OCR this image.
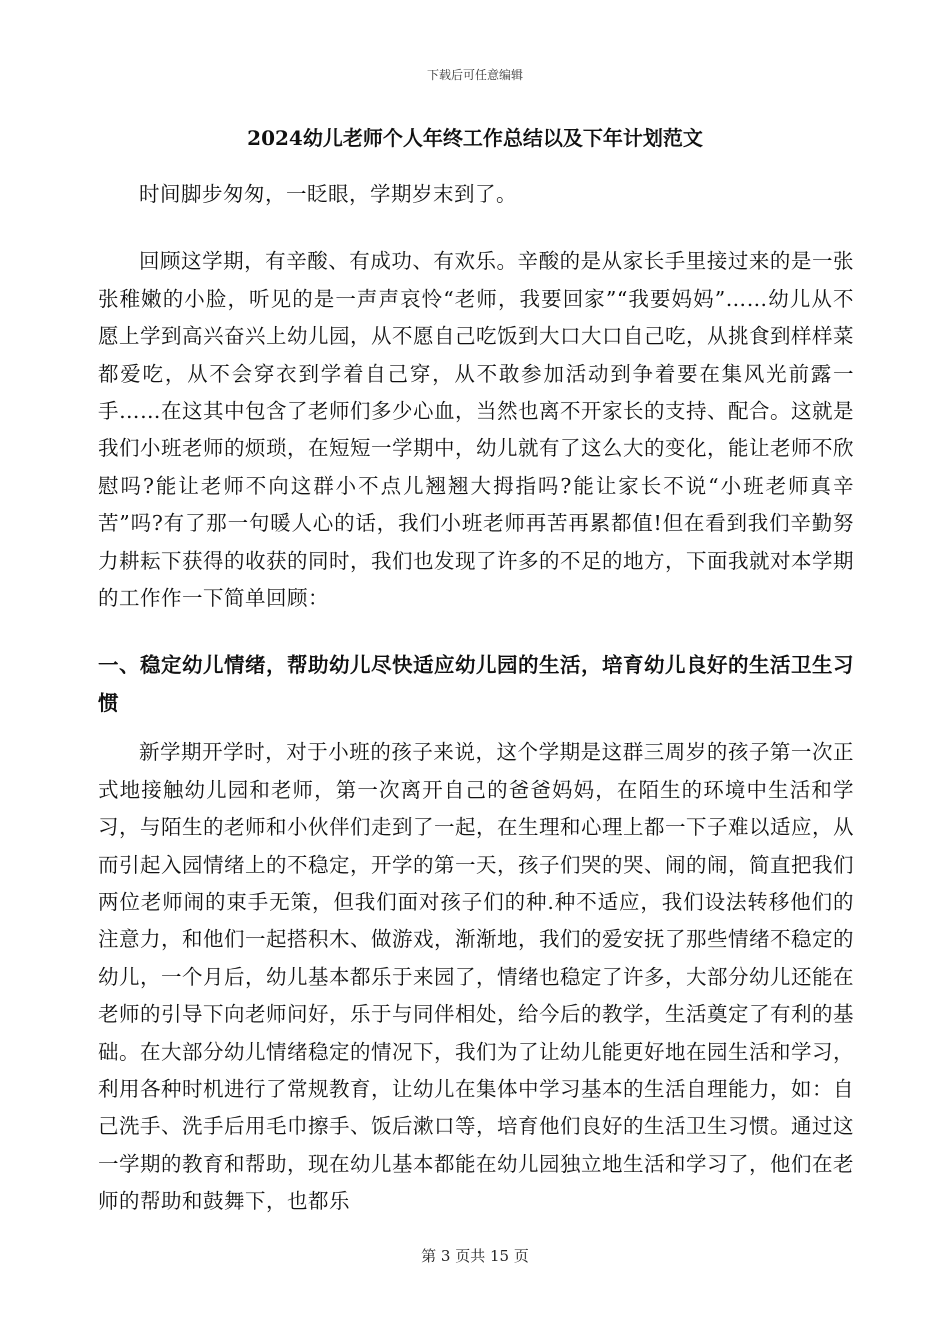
下载后可任意编辑
2024幼儿老师个人年终工作总结以及下年计划范文

时间脚步匆匆，一眨眼，学期岁末到了。

回顾这学期，有辛酸、有成功、有欢乐。辛酸的是从家长手里接过来的是一张张稚嫩的小脸，听见的是一声声哀怜“老师，我要回家”“我要妈妈”……幼儿从不愿上学到高兴奋兴上幼儿园，从不愿自己吃饭到大口大口自己吃，从挑食到样样菜都爱吃，从不会穿衣到学着自己穿，从不敢参加活动到争着要在集风光前露一手……在这其中包含了老师们多少心血，当然也离不开家长的支持、配合。这就是我们小班老师的烦琐，在短短一学期中，幼儿就有了这么大的变化，能让老师不欣慰吗?能让老师不向这群小不点儿翘翘大拇指吗?能让家长不说“小班老师真辛苦”吗?有了那一句暖人心的话，我们小班老师再苦再累都值!但在看到我们辛勤努力耕耘下获得的收获的同时，我们也发现了许多的不足的地方，下面我就对本学期的工作作一下简单回顾：

一、稳定幼儿情绪，帮助幼儿尽快适应幼儿园的生活，培育幼儿良好的生活卫生习惯

新学期开学时，对于小班的孩子来说，这个学期是这群三周岁的孩子第一次正式地接触幼儿园和老师，第一次离开自己的爸爸妈妈，在陌生的环境中生活和学习，与陌生的老师和小伙伴们走到了一起，在生理和心理上都一下子难以适应，从而引起入园情绪上的不稳定，开学的第一天，孩子们哭的哭、闹的闹，简直把我们两位老师闹的束手无策，但我们面对孩子们的种.种不适应，我们设法转移他们的注意力，和他们一起搭积木、做游戏，渐渐地，我们的爱安抚了那些情绪不稳定的幼儿，一个月后，幼儿基本都乐于来园了，情绪也稳定了许多，大部分幼儿还能在老师的引导下向老师问好，乐于与同伴相处，给今后的教学，生活奠定了有利的基础。在大部分幼儿情绪稳定的情况下，我们为了让幼儿能更好地在园生活和学习，利用各种时机进行了常规教育，让幼儿在集体中学习基本的生活自理能力，如：自己洗手、洗手后用毛巾擦手、饭后漱口等，培育他们良好的生活卫生习惯。通过这一学期的教育和帮助，现在幼儿基本都能在幼儿园独立地生活和学习了，他们在老师的帮助和鼓舞下，也都乐

第 3 页共 15 页
